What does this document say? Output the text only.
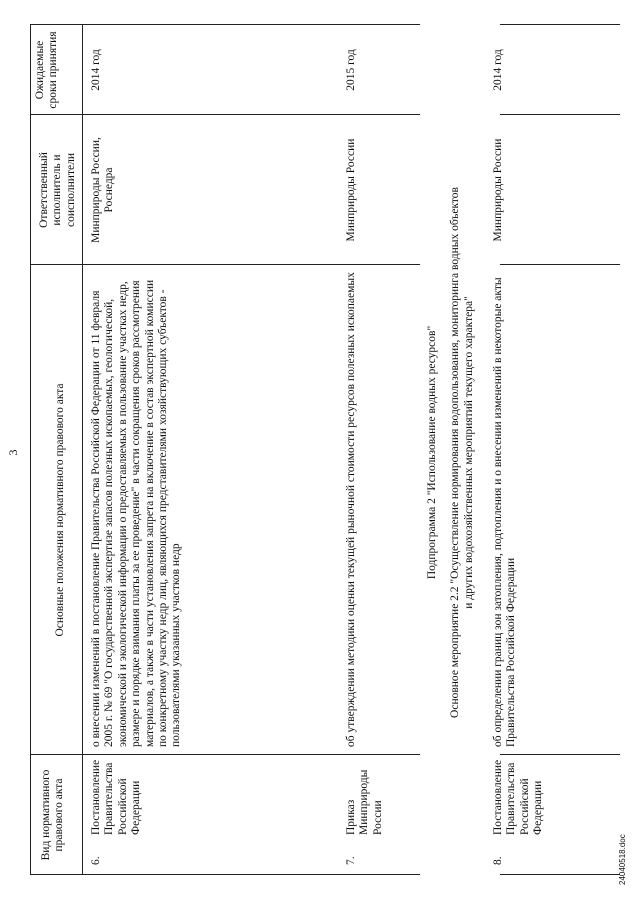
3
Вид нормативного правового акта
Основные положения нормативного правового акта
Ответственный исполнитель и соисполнители
Ожидаемые сроки принятия
6.
Постановление Правительства Российской Федерации
о внесении изменений в постановление Правительства Российской Федерации от 11 февраля 2005 г. № 69 "О государственной экспертизе запасов полезных ископаемых, геологической, экономической и экологической информации о предоставляемых в пользование участках недр, размере и порядке взимания платы за ее проведение" в части сокращения сроков рассмотрения материалов, а также в части установления запрета на включение в состав экспертной комиссии по конкретному участку недр лиц, являющихся представителями хозяйствующих субъектов - пользователями указанных участков недр
Минприроды России, Роснедра
2014 год
7.
Приказ Минприроды России
об утверждении методики оценки текущей рыночной стоимости ресурсов полезных ископаемых
Минприроды России
2015 год
Подпрограмма 2 "Использование водных ресурсов" Основное мероприятие 2.2 "Осуществление нормирования водопользования, мониторинга водных объектов и других водохозяйственных мероприятий текущего характера"
8.
Постановление Правительства Российской Федерации
об определении границ зон затопления, подтопления и о внесении изменений в некоторые акты Правительства Российской Федерации
Минприроды России
2014 год
24040518.doc
